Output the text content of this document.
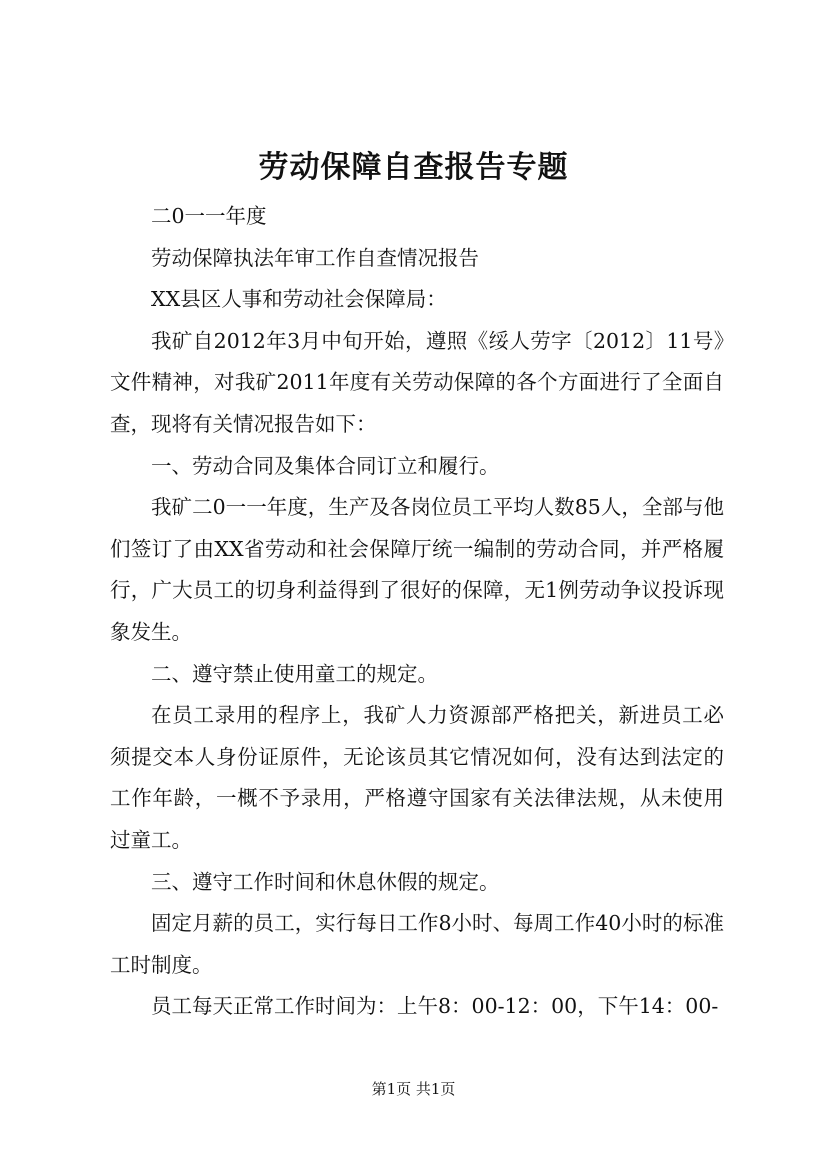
劳动保障自查报告专题

二0一一年度

劳动保障执法年审工作自查情况报告

XX县区人事和劳动社会保障局：

我矿自2012年3月中旬开始，遵照《绥人劳字〔2012〕11号》文件精神，对我矿2011年度有关劳动保障的各个方面进行了全面自查，现将有关情况报告如下：

一、劳动合同及集体合同订立和履行。

我矿二0一一年度，生产及各岗位员工平均人数85人，全部与他们签订了由XX省劳动和社会保障厅统一编制的劳动合同，并严格履行，广大员工的切身利益得到了很好的保障，无1例劳动争议投诉现象发生。

二、遵守禁止使用童工的规定。

在员工录用的程序上，我矿人力资源部严格把关，新进员工必须提交本人身份证原件，无论该员其它情况如何，没有达到法定的工作年龄，一概不予录用，严格遵守国家有关法律法规，从未使用过童工。

三、遵守工作时间和休息休假的规定。

固定月薪的员工，实行每日工作8小时、每周工作40小时的标准工时制度。

员工每天正常工作时间为：上午8：00-12：00，下午14：00-

第1页 共1页
